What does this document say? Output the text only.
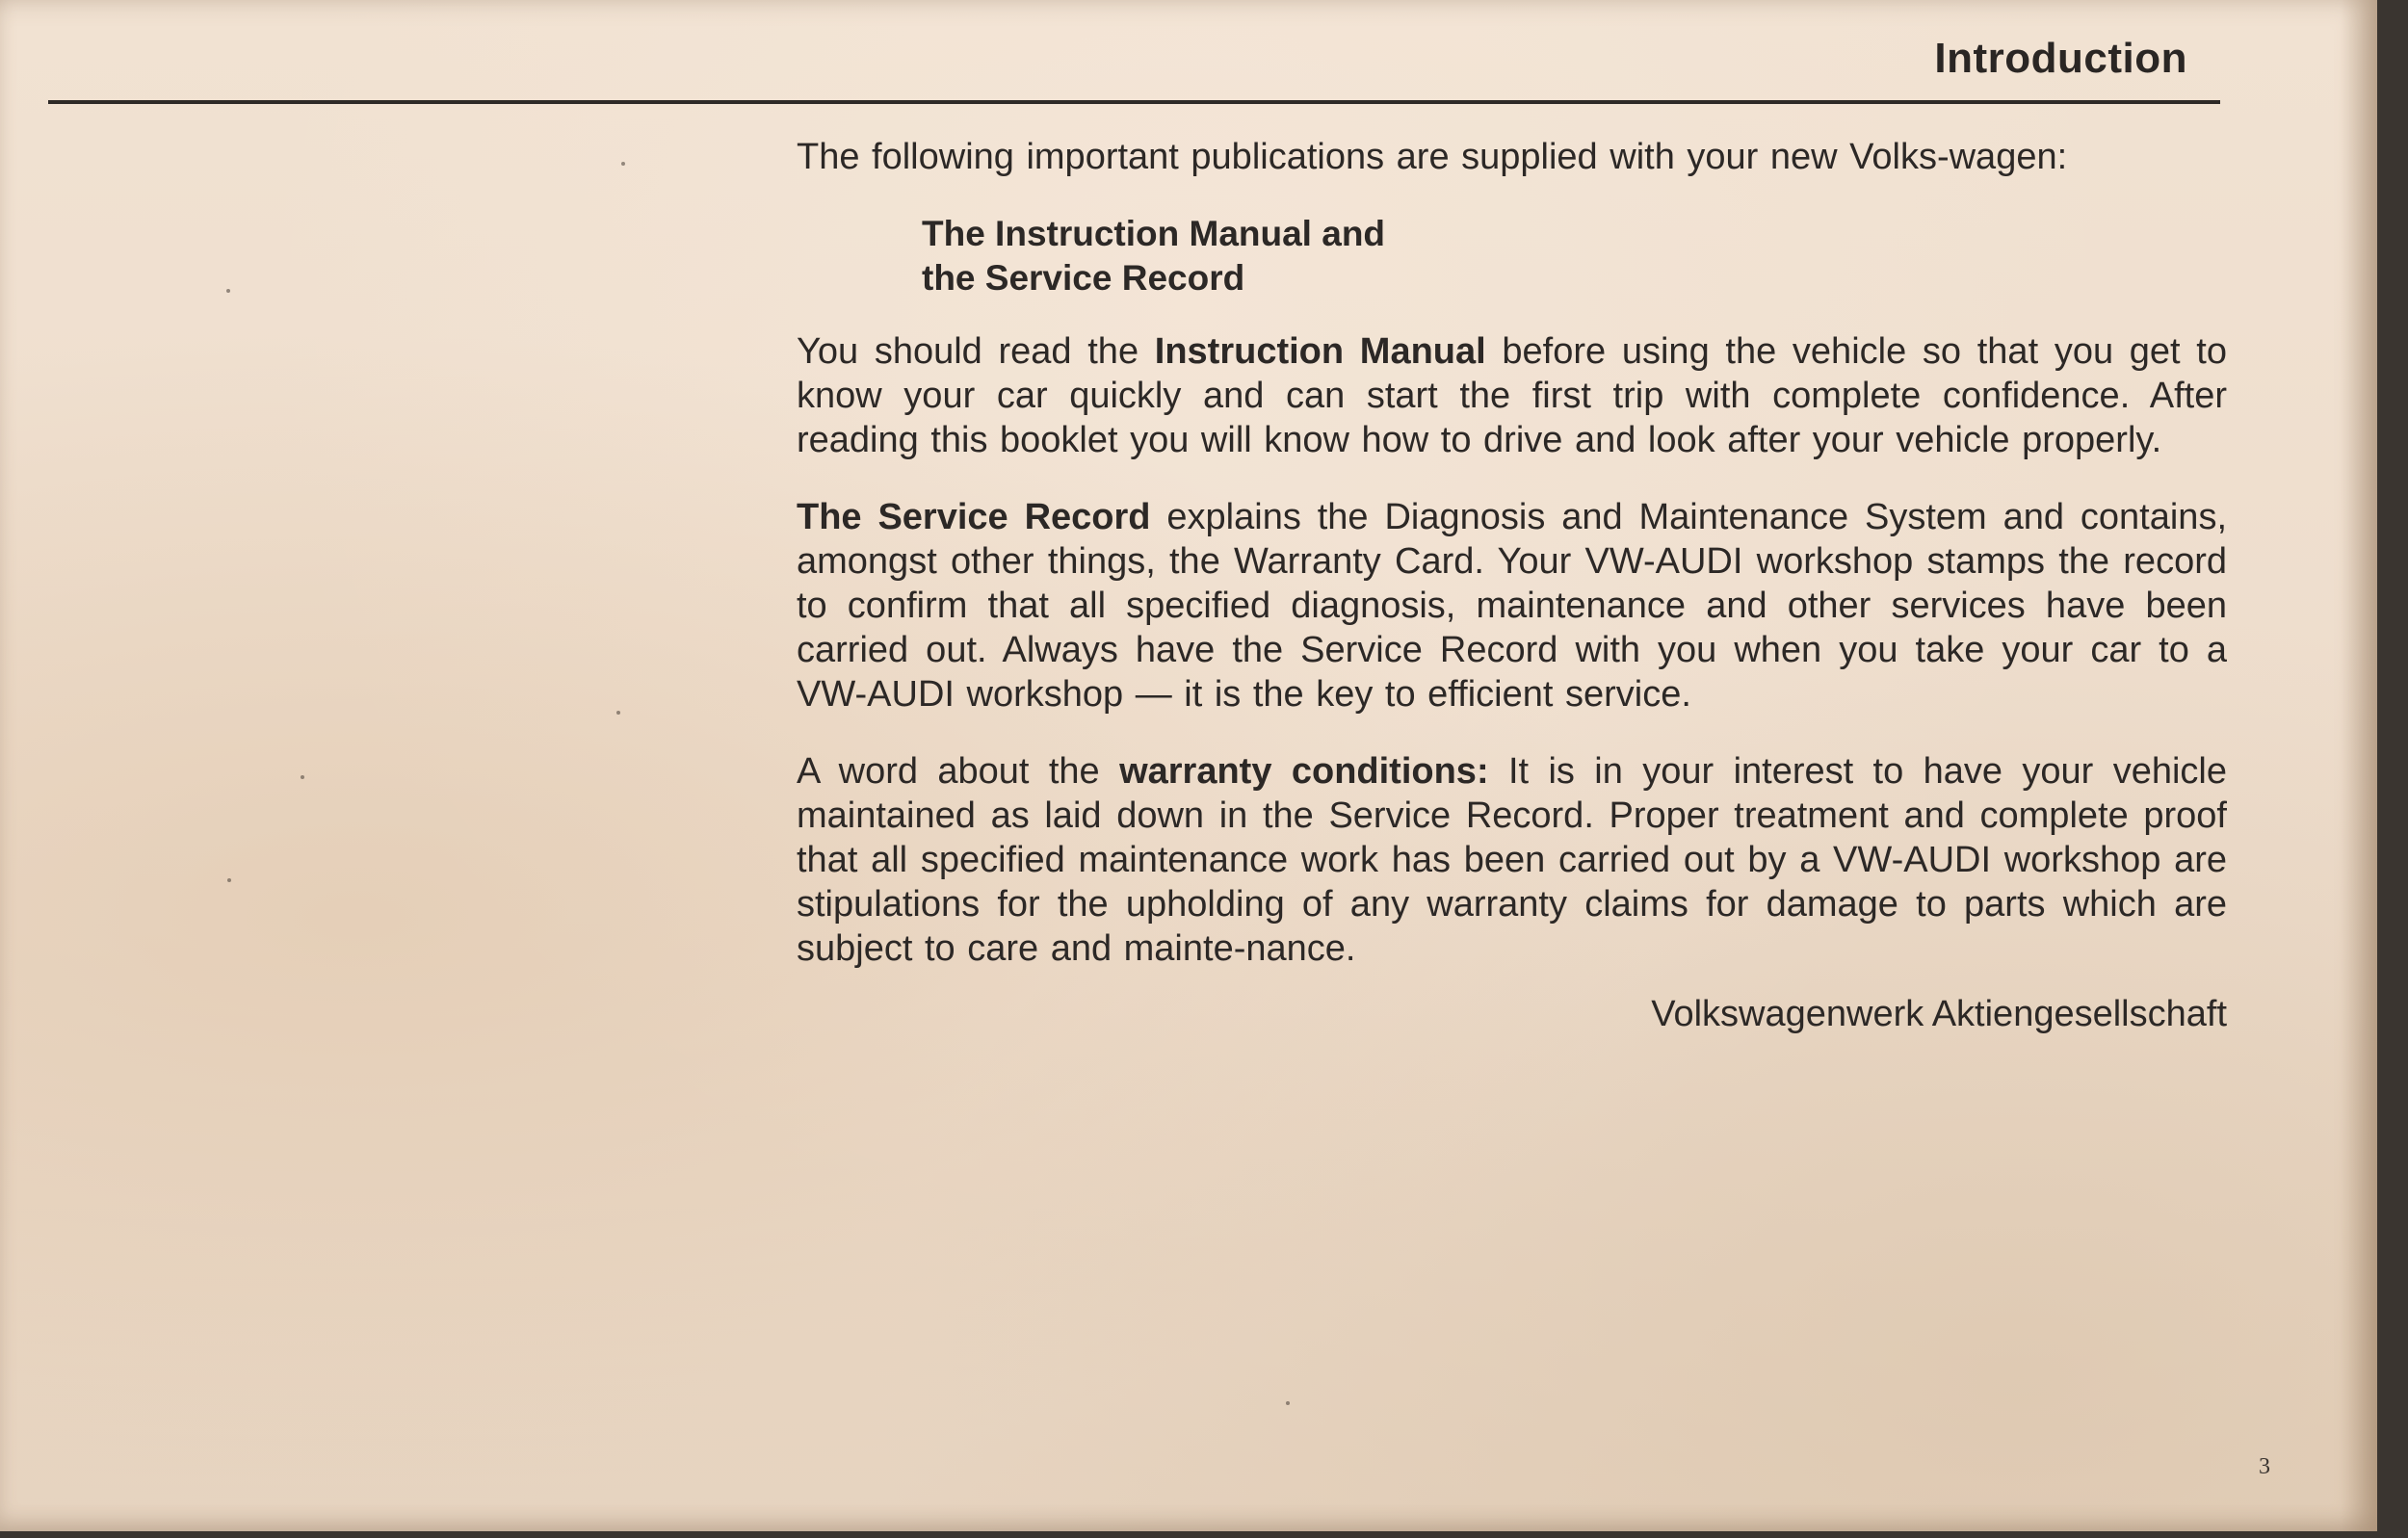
Introduction

The following important publications are supplied with your new Volks-wagen:

The Instruction Manual and
the Service Record

You should read the Instruction Manual before using the vehicle so that you get to know your car quickly and can start the first trip with complete confidence. After reading this booklet you will know how to drive and look after your vehicle properly.

The Service Record explains the Diagnosis and Maintenance System and contains, amongst other things, the Warranty Card. Your VW-AUDI workshop stamps the record to confirm that all specified diagnosis, maintenance and other services have been carried out. Always have the Service Record with you when you take your car to a VW-AUDI workshop — it is the key to efficient service.

A word about the warranty conditions: It is in your interest to have your vehicle maintained as laid down in the Service Record. Proper treatment and complete proof that all specified maintenance work has been carried out by a VW-AUDI workshop are stipulations for the upholding of any warranty claims for damage to parts which are subject to care and mainte-nance.

Volkswagenwerk Aktiengesellschaft
3
